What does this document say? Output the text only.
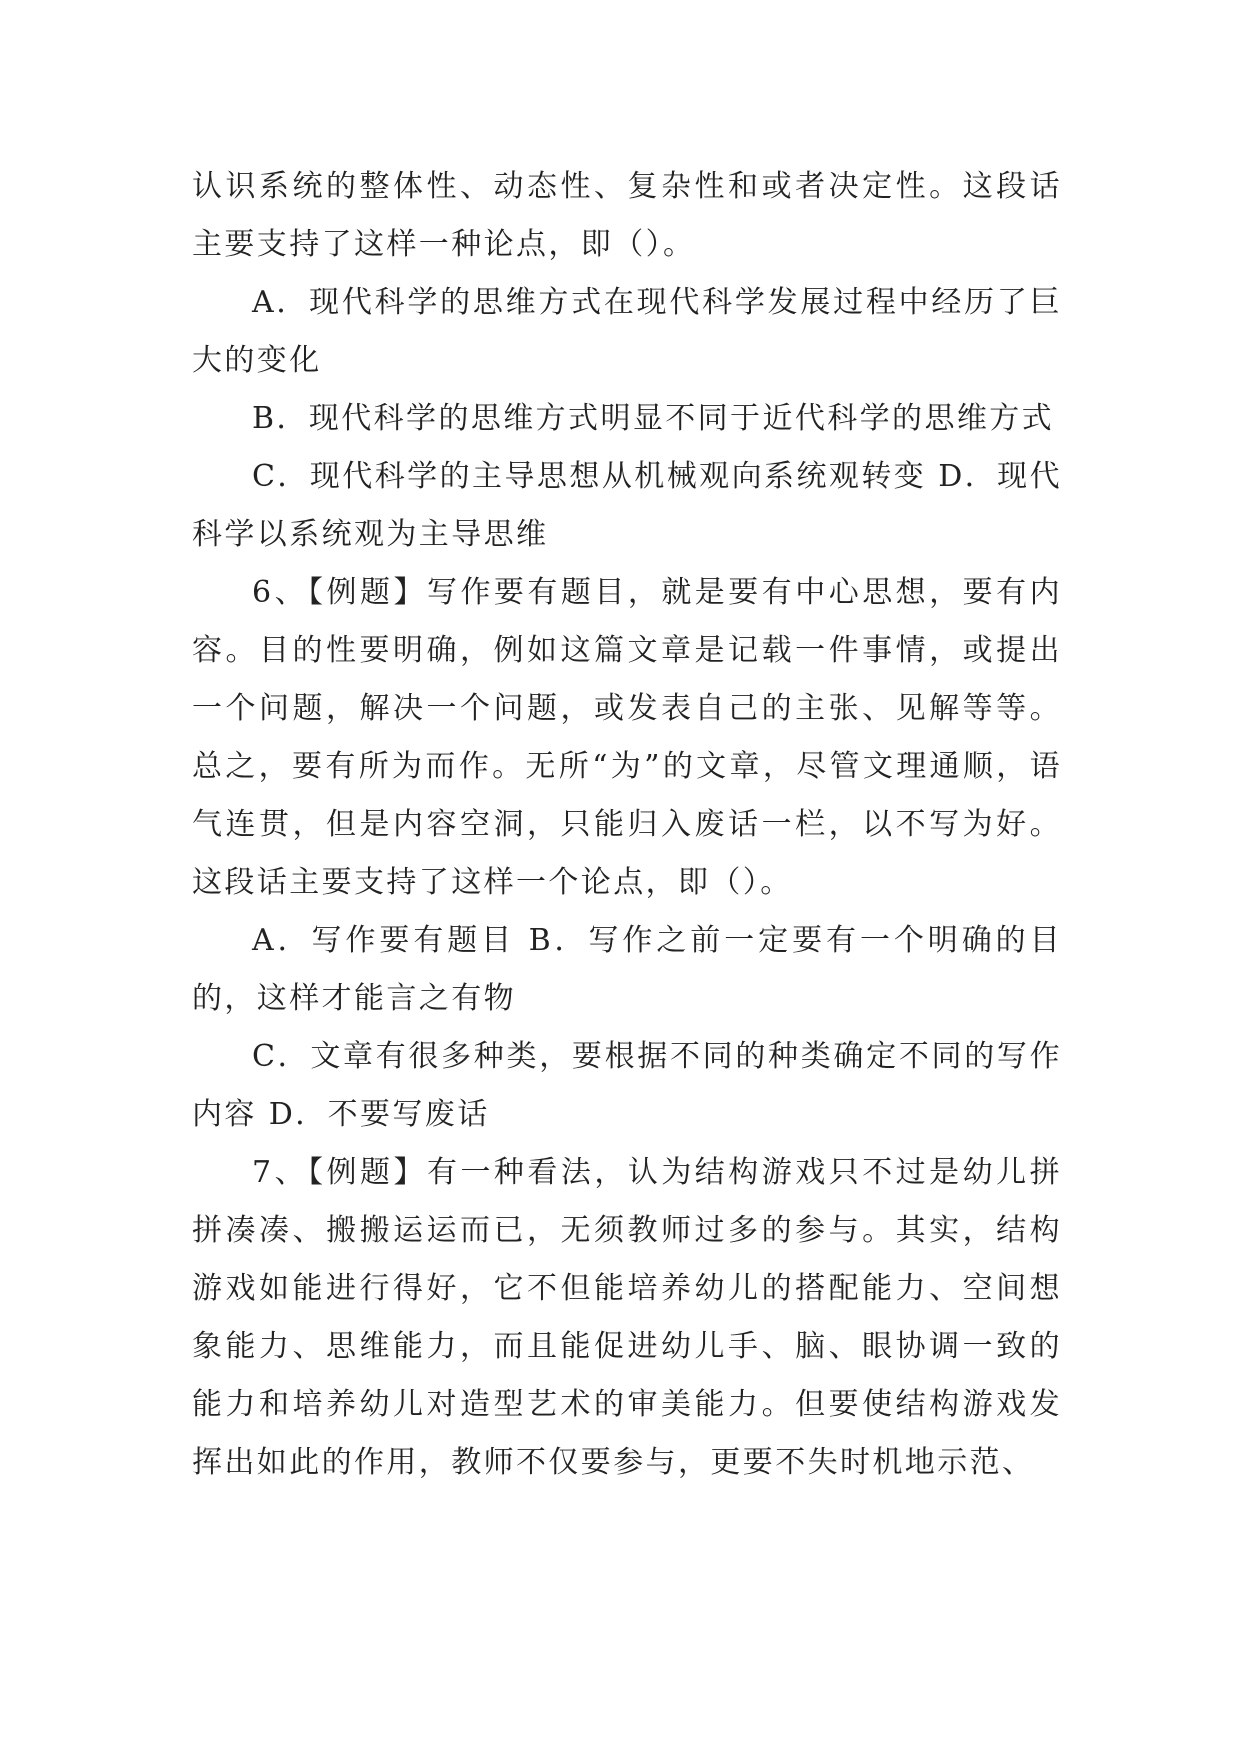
认识系统的整体性、动态性、复杂性和或者决定性。这段话主要支持了这样一种论点，即（）。

A．现代科学的思维方式在现代科学发展过程中经历了巨大的变化

B．现代科学的思维方式明显不同于近代科学的思维方式

C．现代科学的主导思想从机械观向系统观转变 D．现代科学以系统观为主导思维

6、【例题】写作要有题目，就是要有中心思想，要有内容。目的性要明确，例如这篇文章是记载一件事情，或提出一个问题，解决一个问题，或发表自己的主张、见解等等。总之，要有所为而作。无所“为”的文章，尽管文理通顺，语气连贯，但是内容空洞，只能归入废话一栏，以不写为好。这段话主要支持了这样一个论点，即（）。

A．写作要有题目 B．写作之前一定要有一个明确的目的，这样才能言之有物

C．文章有很多种类，要根据不同的种类确定不同的写作内容 D．不要写废话

7、【例题】有一种看法，认为结构游戏只不过是幼儿拼拼凑凑、搬搬运运而已，无须教师过多的参与。其实，结构游戏如能进行得好，它不但能培养幼儿的搭配能力、空间想象能力、思维能力，而且能促进幼儿手、脑、眼协调一致的能力和培养幼儿对造型艺术的审美能力。但要使结构游戏发挥出如此的作用，教师不仅要参与，更要不失时机地示范、
